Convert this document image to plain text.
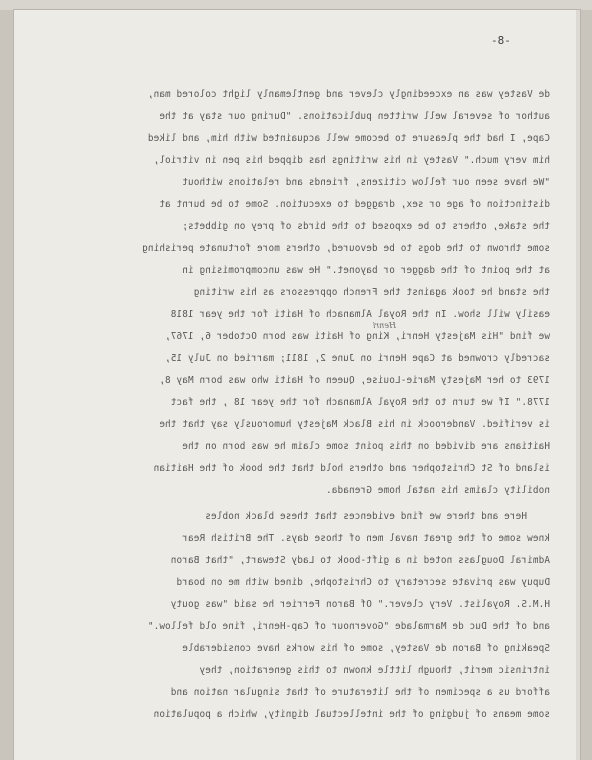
-8-
de Vastey was an exceedingly clever and gentlemanly light colored man,
author of several well written publications. "During our stay at the
Cape, I had the pleasure to become well acquainted with him, and liked
him very much." Vastey in his writings has dipped his pen in vitriol,
"We have seen our fellow citizens, friends and relations without
distinction of age or sex, dragged to execution. Some to be burnt at
the stake, others to be exposed to the birds of prey on gibbets;
some thrown to the dogs to be devoured, others more fortunate perishing
at the point of the dagger or bayonet." He was uncompromising in
the stand he took against the French oppressors as his writing
easily will show. In the Royal Almanach of Haiti for the year 1818
we find "His Majesty Henri, King of Haiti was born October 6, 1767,
sacredly crowned at Cape Henri on June 2, 1811; married on July 15,
1793 to her Majesty Marie-Louise, Queen of Haiti who was born May 8,
1778." If we turn to the Royal Almanach for the year 18 , the fact
is verified. Vanderoock in his Black Majesty humorously say that the
Haitians are divided on this point some claim he was born on the
island of St Christopher and others hold that the book of the Haitian
nobility claims his natal home Grenada.
Here and there we find evidences that these black nobles
knew some of the great naval men of those days. The British Rear
Admiral Douglass noted in a gift-book to Lady Stewart, "that Baron
Dupuy was private secretary to Christophe, dined with me on board
H.M.S. Royalist. Very clever." Of Baron Ferrier he said "was gouty
and of the Duc de Marmalade "Governour of Cap-Henri, fine old fellow."
Speaking of Baron de Vastey, some of his works have considerable
intrinsic merit, though little known to this generation, they
afford us a specimen of the literature of that singular nation and
some means of judging of the intellectual dignity, which a population
Henri
